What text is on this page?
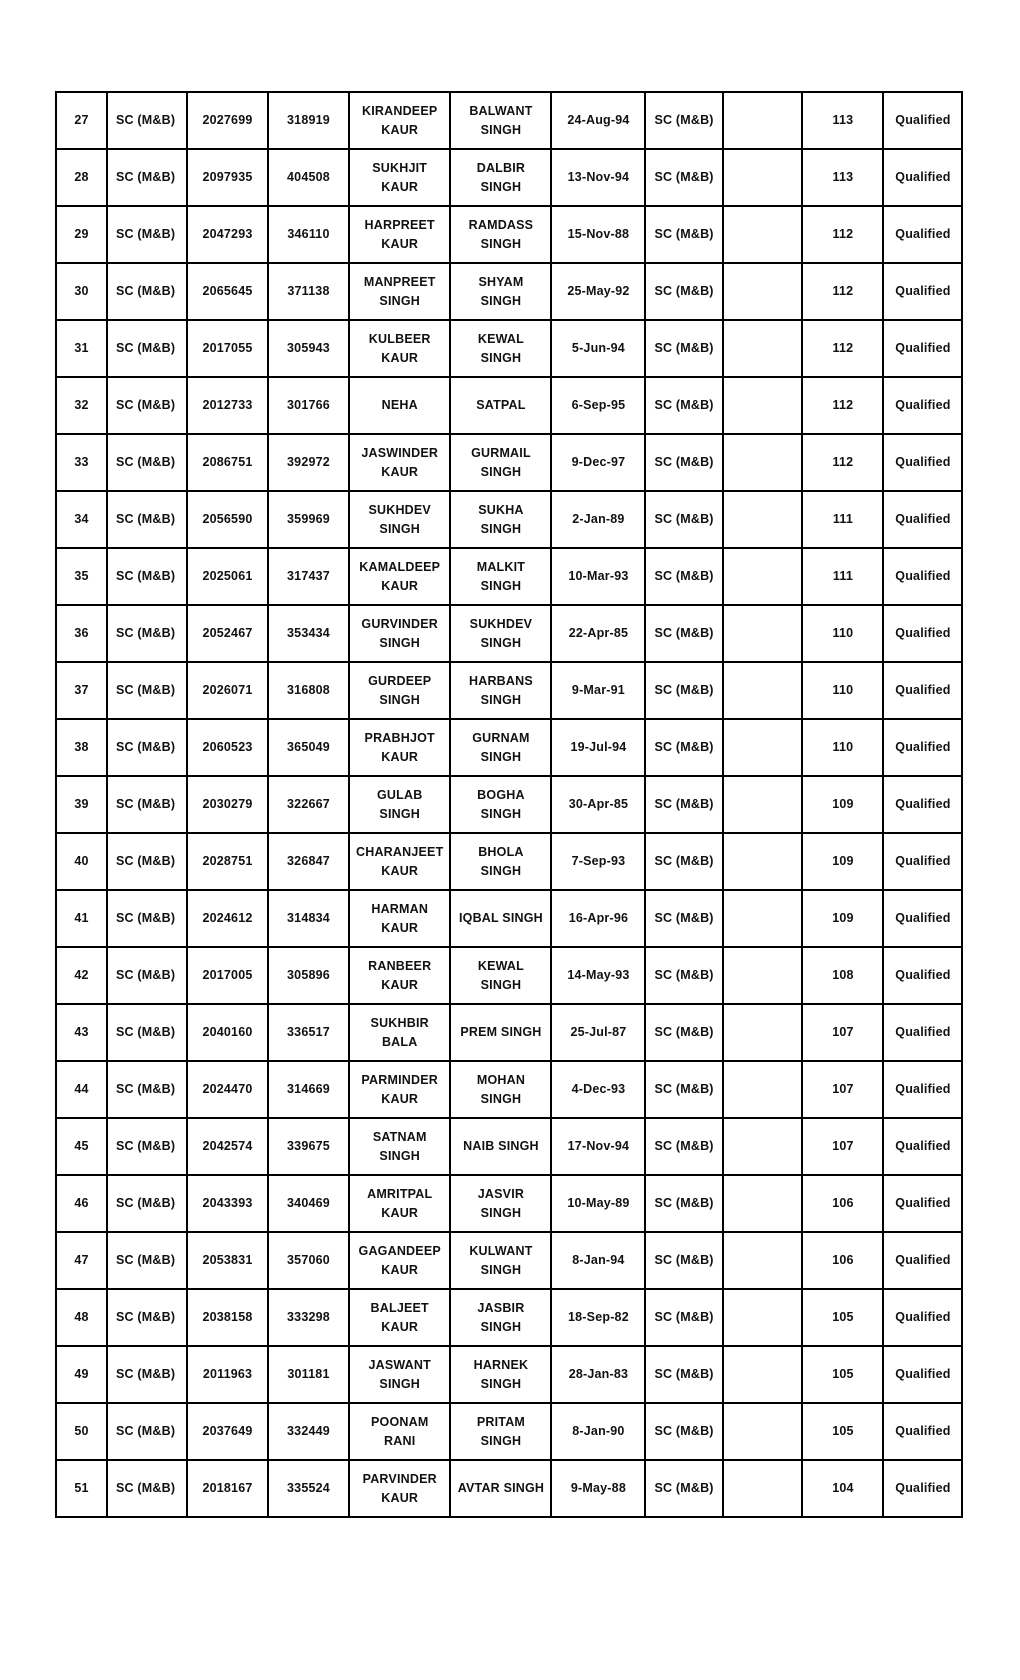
27	SC (M&B)	2027699	318919	KIRANDEEP KAUR	BALWANT SINGH	24-Aug-94	SC (M&B)		113	Qualified
28	SC (M&B)	2097935	404508	SUKHJIT KAUR	DALBIR SINGH	13-Nov-94	SC (M&B)		113	Qualified
29	SC (M&B)	2047293	346110	HARPREET KAUR	RAMDASS SINGH	15-Nov-88	SC (M&B)		112	Qualified
30	SC (M&B)	2065645	371138	MANPREET SINGH	SHYAM SINGH	25-May-92	SC (M&B)		112	Qualified
31	SC (M&B)	2017055	305943	KULBEER KAUR	KEWAL SINGH	5-Jun-94	SC (M&B)		112	Qualified
32	SC (M&B)	2012733	301766	NEHA	SATPAL	6-Sep-95	SC (M&B)		112	Qualified
33	SC (M&B)	2086751	392972	JASWINDER KAUR	GURMAIL SINGH	9-Dec-97	SC (M&B)		112	Qualified
34	SC (M&B)	2056590	359969	SUKHDEV SINGH	SUKHA SINGH	2-Jan-89	SC (M&B)		111	Qualified
35	SC (M&B)	2025061	317437	KAMALDEEP KAUR	MALKIT SINGH	10-Mar-93	SC (M&B)		111	Qualified
36	SC (M&B)	2052467	353434	GURVINDER SINGH	SUKHDEV SINGH	22-Apr-85	SC (M&B)		110	Qualified
37	SC (M&B)	2026071	316808	GURDEEP SINGH	HARBANS SINGH	9-Mar-91	SC (M&B)		110	Qualified
38	SC (M&B)	2060523	365049	PRABHJOT KAUR	GURNAM SINGH	19-Jul-94	SC (M&B)		110	Qualified
39	SC (M&B)	2030279	322667	GULAB SINGH	BOGHA SINGH	30-Apr-85	SC (M&B)		109	Qualified
40	SC (M&B)	2028751	326847	CHARANJEET KAUR	BHOLA SINGH	7-Sep-93	SC (M&B)		109	Qualified
41	SC (M&B)	2024612	314834	HARMAN KAUR	IQBAL SINGH	16-Apr-96	SC (M&B)		109	Qualified
42	SC (M&B)	2017005	305896	RANBEER KAUR	KEWAL SINGH	14-May-93	SC (M&B)		108	Qualified
43	SC (M&B)	2040160	336517	SUKHBIR BALA	PREM SINGH	25-Jul-87	SC (M&B)		107	Qualified
44	SC (M&B)	2024470	314669	PARMINDER KAUR	MOHAN SINGH	4-Dec-93	SC (M&B)		107	Qualified
45	SC (M&B)	2042574	339675	SATNAM SINGH	NAIB SINGH	17-Nov-94	SC (M&B)		107	Qualified
46	SC (M&B)	2043393	340469	AMRITPAL KAUR	JASVIR SINGH	10-May-89	SC (M&B)		106	Qualified
47	SC (M&B)	2053831	357060	GAGANDEEP KAUR	KULWANT SINGH	8-Jan-94	SC (M&B)		106	Qualified
48	SC (M&B)	2038158	333298	BALJEET KAUR	JASBIR SINGH	18-Sep-82	SC (M&B)		105	Qualified
49	SC (M&B)	2011963	301181	JASWANT SINGH	HARNEK SINGH	28-Jan-83	SC (M&B)		105	Qualified
50	SC (M&B)	2037649	332449	POONAM RANI	PRITAM SINGH	8-Jan-90	SC (M&B)		105	Qualified
51	SC (M&B)	2018167	335524	PARVINDER KAUR	AVTAR SINGH	9-May-88	SC (M&B)		104	Qualified
